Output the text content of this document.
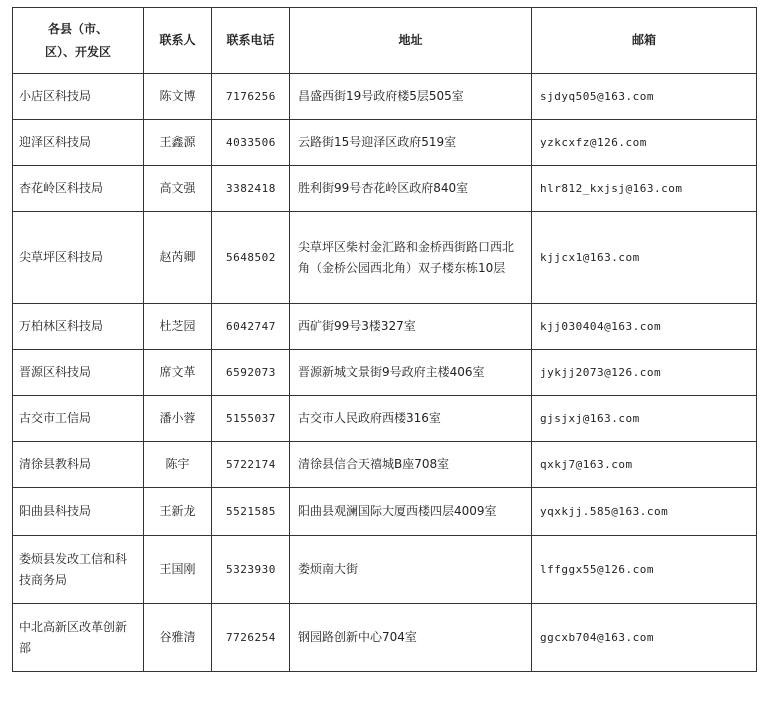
各县（市、区）、开发区	联系人	联系电话	地址	邮箱
小店区科技局	陈文博	7176256	昌盛西街19号政府楼5层505室	sjdyq505@163.com
迎泽区科技局	王鑫源	4033506	云路街15号迎泽区政府519室	yzkcxfz@126.com
杏花岭区科技局	高文强	3382418	胜利街99号杏花岭区政府840室	hlr812_kxjsj@163.com
尖草坪区科技局	赵芮卿	5648502	尖草坪区柴村金汇路和金桥西街路口西北角（金桥公园西北角）双子楼东栋10层	kjjcx1@163.com
万柏林区科技局	杜芝园	6042747	西矿街99号3楼327室	kjj030404@163.com
晋源区科技局	席文革	6592073	晋源新城文景街9号政府主楼406室	jykjj2073@126.com
古交市工信局	潘小蓉	5155037	古交市人民政府西楼316室	gjsjxj@163.com
清徐县教科局	陈宇	5722174	清徐县信合天禧城B座708室	qxkj7@163.com
阳曲县科技局	王新龙	5521585	阳曲县观澜国际大厦西楼四层4009室	yqxkjj.585@163.com
娄烦县发改工信和科技商务局	王国刚	5323930	娄烦南大街	lffggx55@126.com
中北高新区改革创新部	谷雅清	7726254	钢园路创新中心704室	ggcxb704@163.com
